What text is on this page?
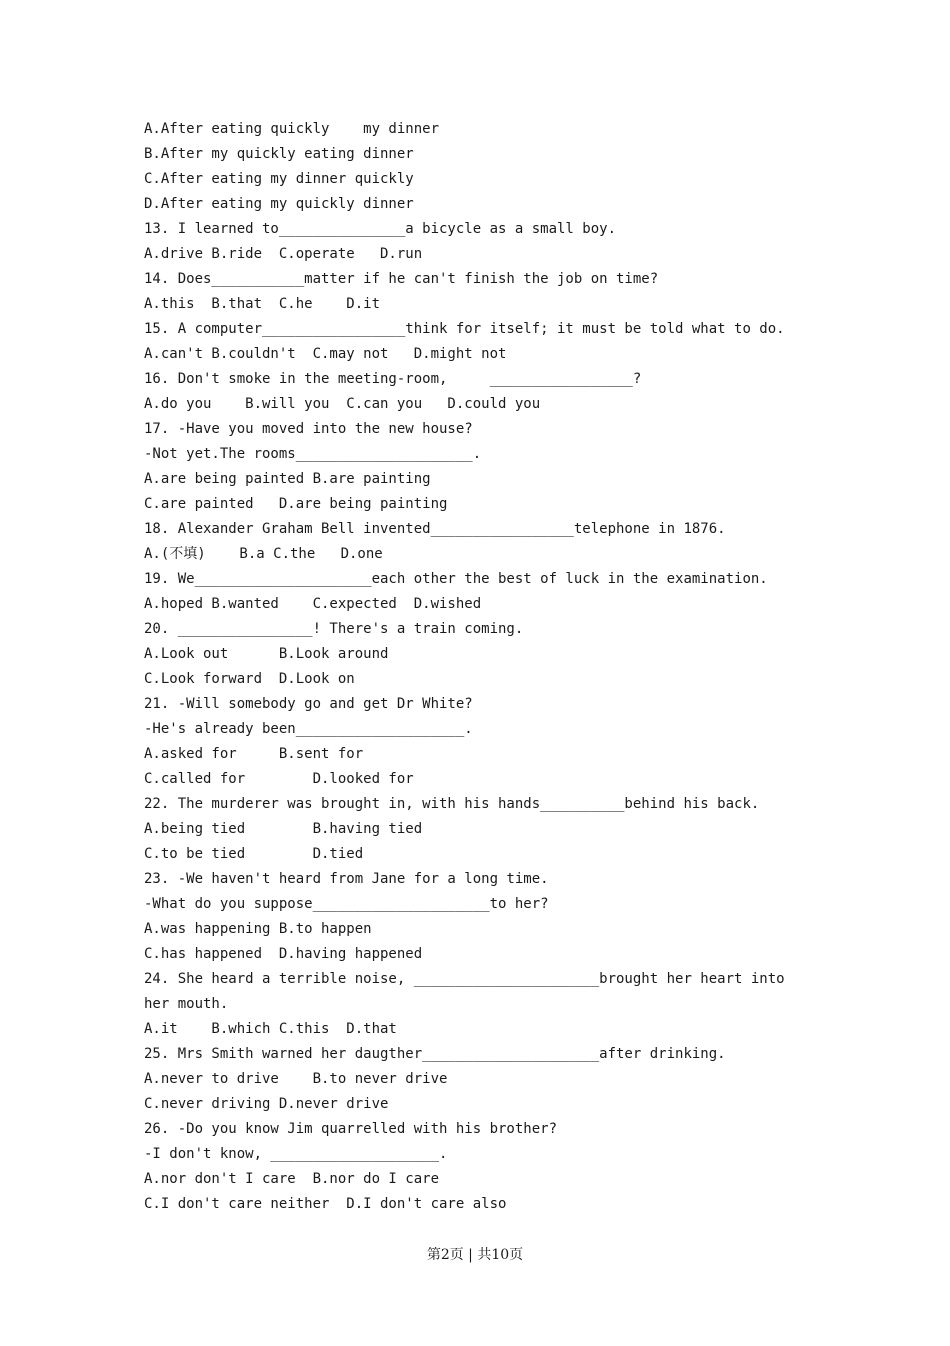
A.After eating quickly    my dinner
B.After my quickly eating dinner
C.After eating my dinner quickly
D.After eating my quickly dinner
13. I learned to_______________a bicycle as a small boy.
A.drive B.ride  C.operate   D.run
14. Does___________matter if he can't finish the job on time?
A.this  B.that  C.he    D.it
15. A computer_________________think for itself; it must be told what to do.
A.can't B.couldn't  C.may not   D.might not
16. Don't smoke in the meeting-room,     _________________?
A.do you    B.will you  C.can you   D.could you
17. -Have you moved into the new house?
-Not yet.The rooms_____________________.
A.are being painted B.are painting
C.are painted   D.are being painting
18. Alexander Graham Bell invented_________________telephone in 1876.
A.(不填)    B.a C.the   D.one
19. We_____________________each other the best of luck in the examination.
A.hoped B.wanted    C.expected  D.wished
20. ________________! There's a train coming.
A.Look out      B.Look around
C.Look forward  D.Look on
21. -Will somebody go and get Dr White?
-He's already been____________________.
A.asked for     B.sent for
C.called for        D.looked for
22. The murderer was brought in, with his hands__________behind his back.
A.being tied        B.having tied
C.to be tied        D.tied
23. -We haven't heard from Jane for a long time.
-What do you suppose_____________________to her?
A.was happening B.to happen
C.has happened  D.having happened
24. She heard a terrible noise, ______________________brought her heart into
her mouth.
A.it    B.which C.this  D.that
25. Mrs Smith warned her daugther_____________________after drinking.
A.never to drive    B.to never drive
C.never driving D.never drive
26. -Do you know Jim quarrelled with his brother?
-I don't know, ____________________.
A.nor don't I care  B.nor do I care
C.I don't care neither  D.I don't care also
第2页 | 共10页
